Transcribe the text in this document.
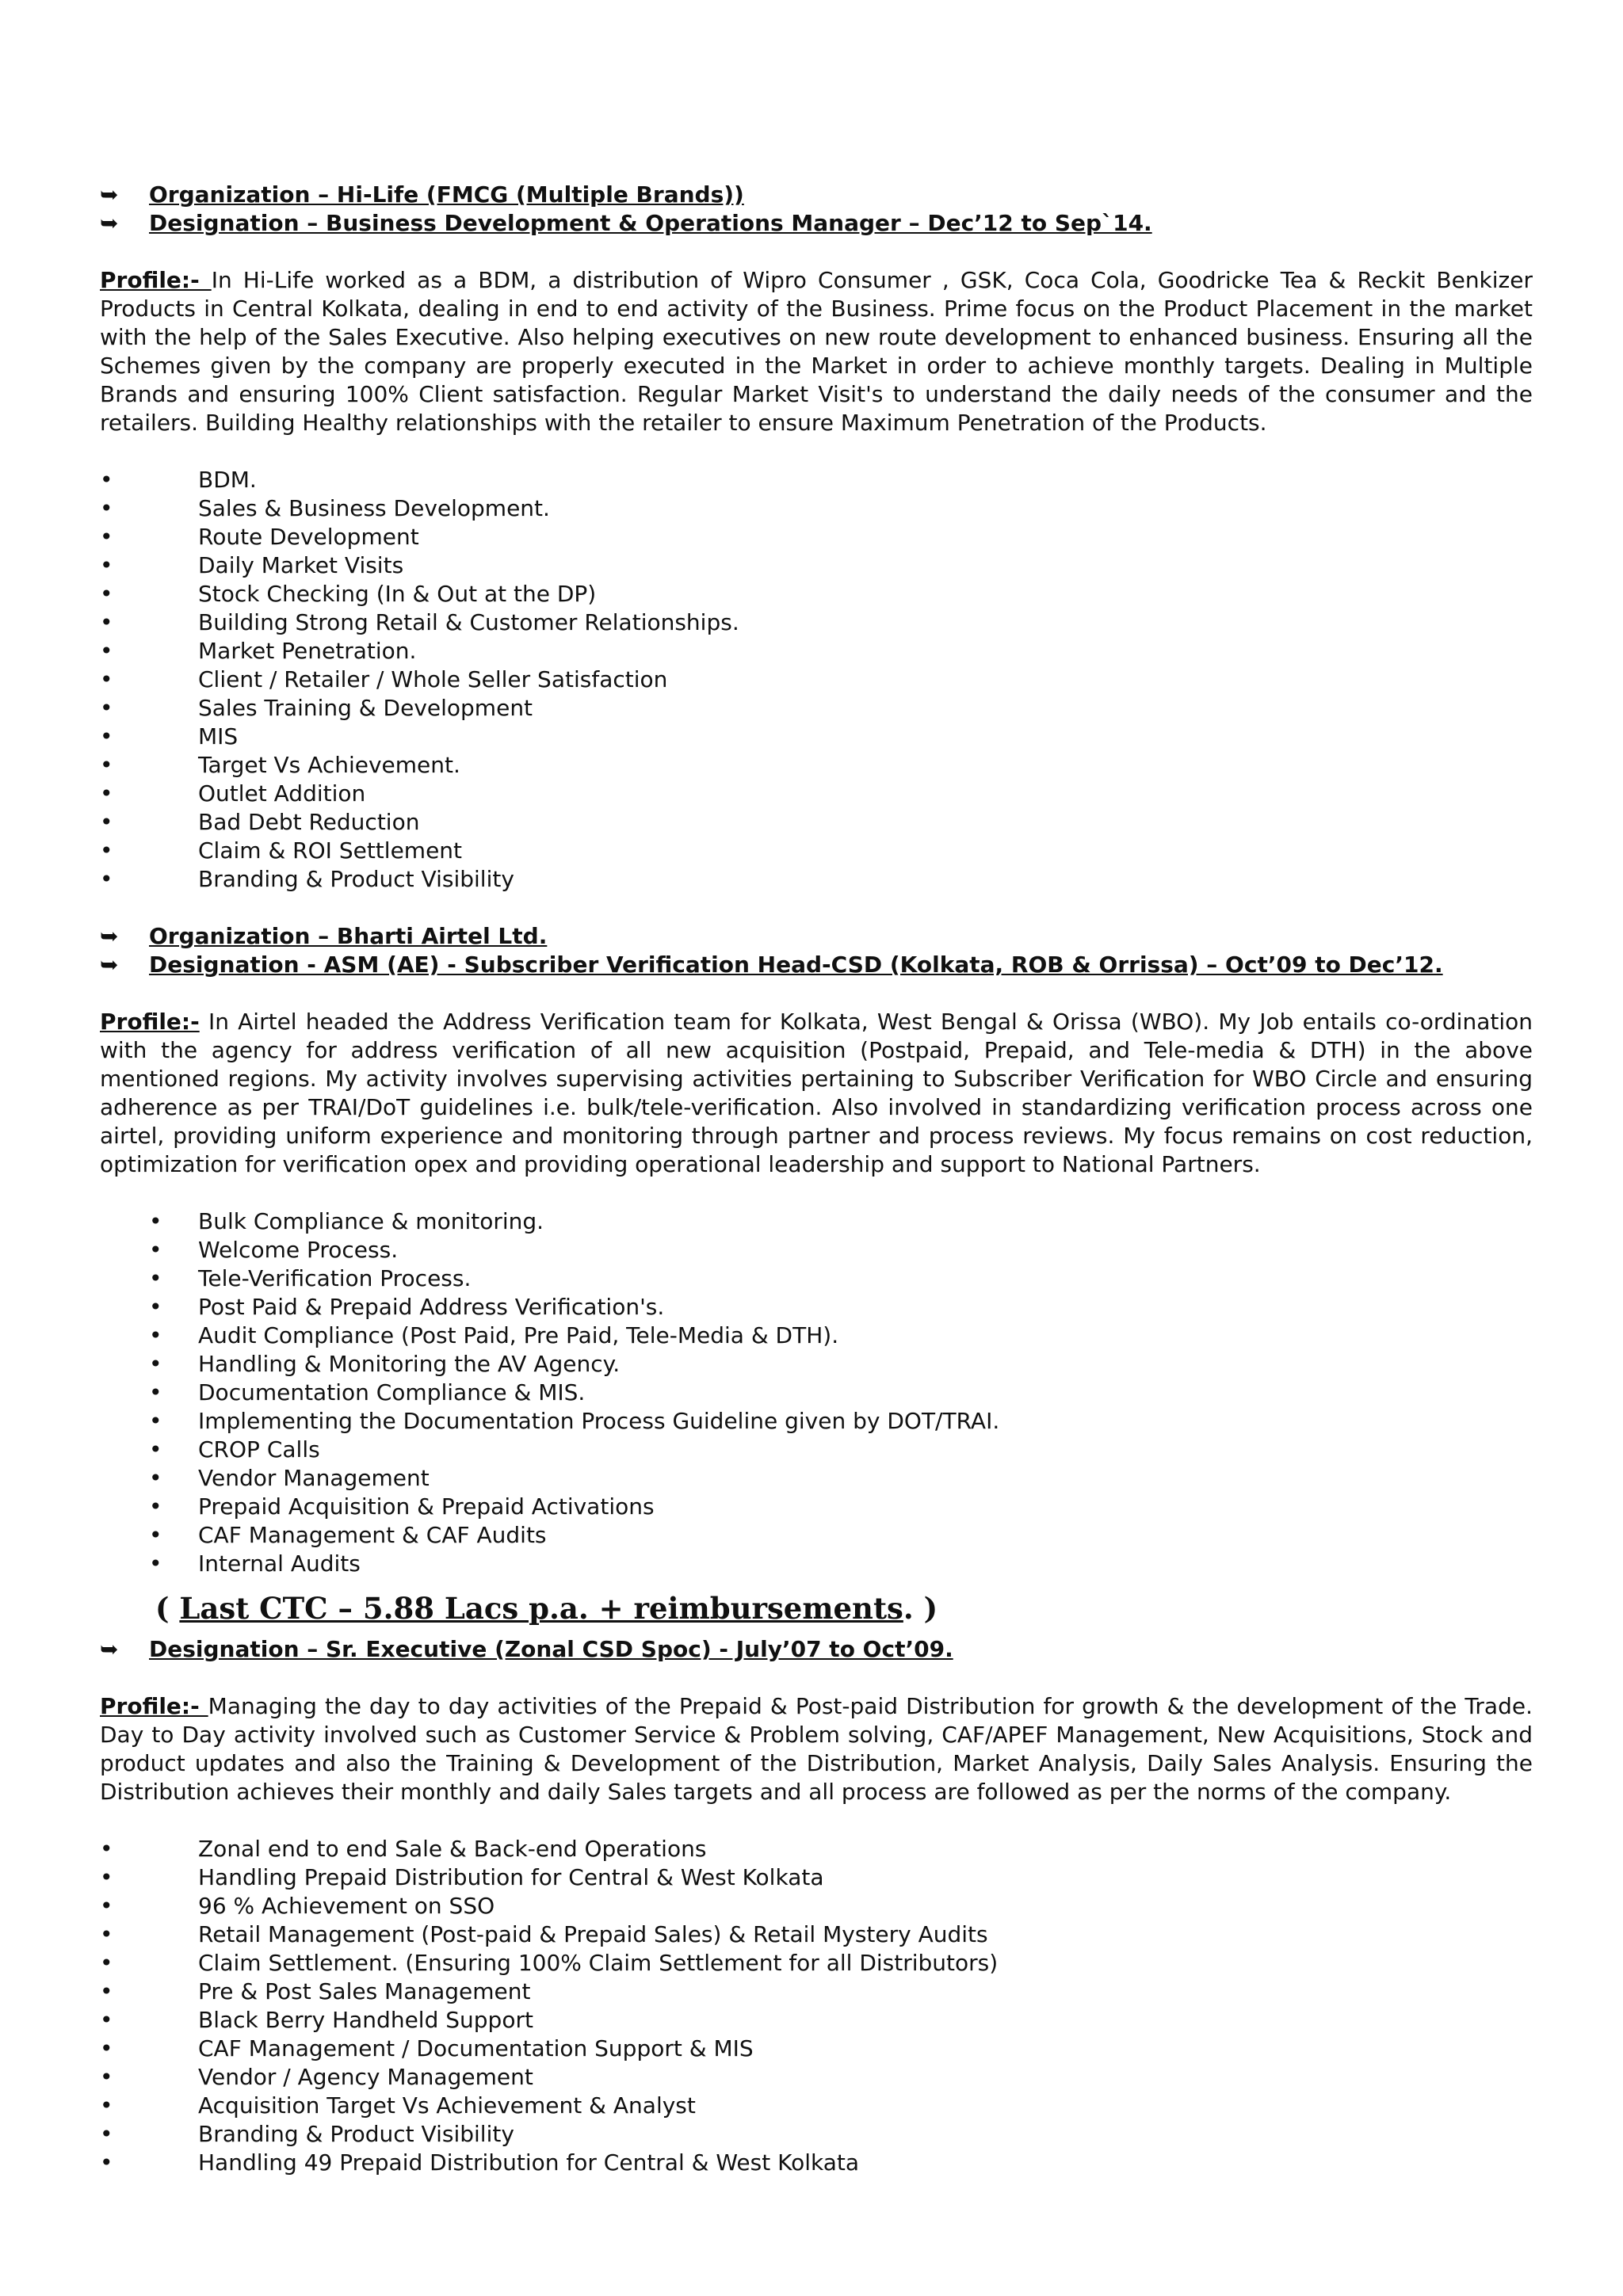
➥ Organization – Hi-Life (FMCG (Multiple Brands))
➥ Designation – Business Development & Operations Manager – Dec’12 to Sep`14.
Profile:- In Hi-Life worked as a BDM, a distribution of Wipro Consumer , GSK, Coca Cola, Goodricke Tea & Reckit Benkizer Products in Central Kolkata, dealing in end to end activity of the Business. Prime focus on the Product Placement in the market with the help of the Sales Executive. Also helping executives on new route development to enhanced business. Ensuring all the Schemes given by the company are properly executed in the Market in order to achieve monthly targets. Dealing in Multiple Brands and ensuring 100% Client satisfaction. Regular Market Visit's to understand the daily needs of the consumer and the retailers. Building Healthy relationships with the retailer to ensure Maximum Penetration of the Products.
•	BDM.
•	Sales & Business Development.
•	Route Development
•	Daily Market Visits
•	Stock Checking (In & Out at the DP)
•	Building Strong Retail & Customer Relationships.
•	Market Penetration.
•	Client / Retailer / Whole Seller Satisfaction
•	Sales Training & Development
•	MIS
•	Target Vs Achievement.
•	Outlet Addition
•	Bad Debt Reduction
•	Claim & ROI Settlement
•	Branding & Product Visibility
➥ Organization – Bharti Airtel Ltd.
➥ Designation - ASM (AE) - Subscriber Verification Head-CSD (Kolkata, ROB & Orrissa) – Oct’09 to Dec’12.
Profile:- In Airtel headed the Address Verification team for Kolkata, West Bengal & Orissa (WBO). My Job entails co-ordination with the agency for address verification of all new acquisition (Postpaid, Prepaid, and Tele-media & DTH) in the above mentioned regions. My activity involves supervising activities pertaining to Subscriber Verification for WBO Circle and ensuring adherence as per TRAI/DoT guidelines i.e. bulk/tele-verification. Also involved in standardizing verification process across one airtel, providing uniform experience and monitoring through partner and process reviews. My focus remains on cost reduction, optimization for verification opex and providing operational leadership and support to National Partners.
• Bulk Compliance & monitoring.
• Welcome Process.
• Tele-Verification Process.
• Post Paid & Prepaid Address Verification's.
• Audit Compliance (Post Paid, Pre Paid, Tele-Media & DTH).
• Handling & Monitoring the AV Agency.
• Documentation Compliance & MIS.
• Implementing the Documentation Process Guideline given by DOT/TRAI.
• CROP Calls
• Vendor Management
• Prepaid Acquisition & Prepaid Activations
• CAF Management & CAF Audits
• Internal Audits
( Last CTC – 5.88 Lacs p.a. + reimbursements. )
➥ Designation – Sr. Executive (Zonal CSD Spoc) - July’07 to Oct’09.
Profile:- Managing the day to day activities of the Prepaid & Post-paid Distribution for growth & the development of the Trade. Day to Day activity involved such as Customer Service & Problem solving, CAF/APEF Management, New Acquisitions, Stock and product updates and also the Training & Development of the Distribution, Market Analysis, Daily Sales Analysis. Ensuring the Distribution achieves their monthly and daily Sales targets and all process are followed as per the norms of the company.
•	Zonal end to end Sale & Back-end Operations
•	Handling Prepaid Distribution for Central & West Kolkata
•	96 % Achievement on SSO
•	Retail Management (Post-paid & Prepaid Sales) & Retail Mystery Audits
•	Claim Settlement. (Ensuring 100% Claim Settlement for all Distributors)
•	Pre & Post Sales Management
•	Black Berry Handheld Support
•	CAF Management / Documentation Support & MIS
•	Vendor / Agency Management
•	Acquisition Target Vs Achievement & Analyst
•	Branding & Product Visibility
•	Handling 49 Prepaid Distribution for Central & West Kolkata
